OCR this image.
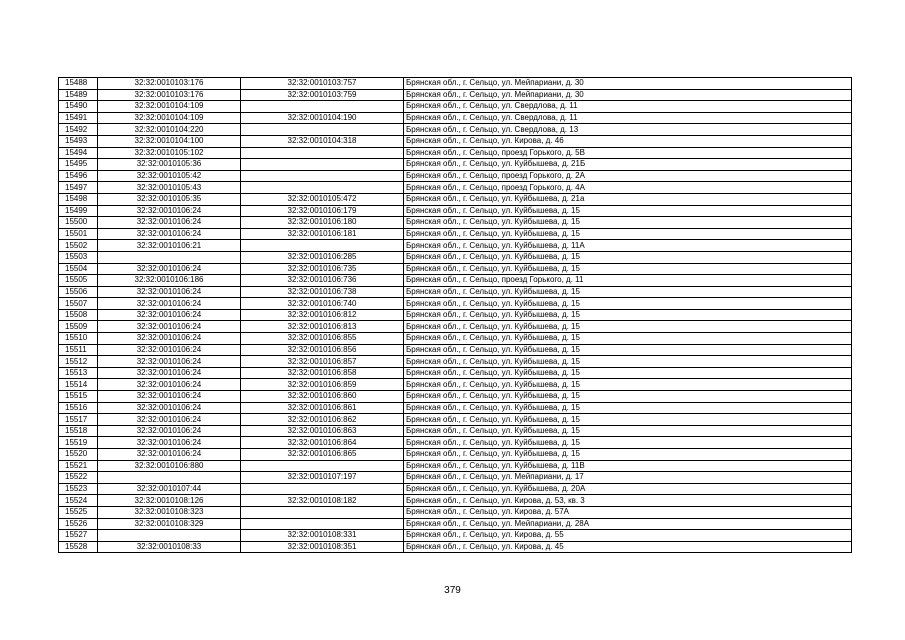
15488	32:32:0010103:176	32:32:0010103:757	Брянская обл., г. Сельцо, ул. Мейпариани, д. 30
15489	32:32:0010103:176	32:32:0010103:759	Брянская обл., г. Сельцо, ул. Мейпариани, д. 30
15490	32:32:0010104:109		Брянская обл., г. Сельцо, ул. Свердлова, д. 11
15491	32:32:0010104:109	32:32:0010104:190	Брянская обл., г. Сельцо, ул. Свердлова, д. 11
15492	32:32:0010104:220		Брянская обл., г. Сельцо, ул. Свердлова, д. 13
15493	32:32:0010104:100	32:32:0010104:318	Брянская обл., г. Сельцо, ул. Кирова, д. 46
15494	32:32:0010105:102		Брянская обл., г. Сельцо, проезд Горького, д. 5В
15495	32:32:0010105:36		Брянская обл., г. Сельцо, ул. Куйбышева, д. 21Б
15496	32:32:0010105:42		Брянская обл., г. Сельцо, проезд Горького, д. 2А
15497	32:32:0010105:43		Брянская обл., г. Сельцо, проезд Горького, д. 4А
15498	32:32:0010105:35	32:32:0010105:472	Брянская обл., г. Сельцо, ул. Куйбышева, д. 21а
15499	32:32:0010106:24	32:32:0010106:179	Брянская обл., г. Сельцо, ул. Куйбышева, д. 15
15500	32:32:0010106:24	32:32:0010106:180	Брянская обл., г. Сельцо, ул. Куйбышева, д. 15
15501	32:32:0010106:24	32:32:0010106:181	Брянская обл., г. Сельцо, ул. Куйбышева, д. 15
15502	32:32:0010106:21		Брянская обл., г. Сельцо, ул. Куйбышева, д. 11А
15503		32:32:0010106:285	Брянская обл., г. Сельцо, ул. Куйбышева, д. 15
15504	32:32:0010106:24	32:32:0010106:735	Брянская обл., г. Сельцо, ул. Куйбышева, д. 15
15505	32:32:0010106:186	32:32:0010106:736	Брянская обл., г. Сельцо, проезд Горького, д. 11
15506	32:32:0010106:24	32:32:0010106:738	Брянская обл., г. Сельцо, ул. Куйбышева, д. 15
15507	32:32:0010106:24	32:32:0010106:740	Брянская обл., г. Сельцо, ул. Куйбышева, д. 15
15508	32:32:0010106:24	32:32:0010106:812	Брянская обл., г. Сельцо, ул. Куйбышева, д. 15
15509	32:32:0010106:24	32:32:0010106:813	Брянская обл., г. Сельцо, ул. Куйбышева, д. 15
15510	32:32:0010106:24	32:32:0010106:855	Брянская обл., г. Сельцо, ул. Куйбышева, д. 15
15511	32:32:0010106:24	32:32:0010106:856	Брянская обл., г. Сельцо, ул. Куйбышева, д. 15
15512	32:32:0010106:24	32:32:0010106:857	Брянская обл., г. Сельцо, ул. Куйбышева, д. 15
15513	32:32:0010106:24	32:32:0010106:858	Брянская обл., г. Сельцо, ул. Куйбышева, д. 15
15514	32:32:0010106:24	32:32:0010106:859	Брянская обл., г. Сельцо, ул. Куйбышева, д. 15
15515	32:32:0010106:24	32:32:0010106:860	Брянская обл., г. Сельцо, ул. Куйбышева, д. 15
15516	32:32:0010106:24	32:32:0010106:861	Брянская обл., г. Сельцо, ул. Куйбышева, д. 15
15517	32:32:0010106:24	32:32:0010106:862	Брянская обл., г. Сельцо, ул. Куйбышева, д. 15
15518	32:32:0010106:24	32:32:0010106:863	Брянская обл., г. Сельцо, ул. Куйбышева, д. 15
15519	32:32:0010106:24	32:32:0010106:864	Брянская обл., г. Сельцо, ул. Куйбышева, д. 15
15520	32:32:0010106:24	32:32:0010106:865	Брянская обл., г. Сельцо, ул. Куйбышева, д. 15
15521	32:32:0010106:880		Брянская обл., г. Сельцо, ул. Куйбышева, д. 11В
15522		32:32:0010107:197	Брянская обл., г. Сельцо, ул. Мейпариани, д. 17
15523	32:32:0010107:44		Брянская обл., г. Сельцо, ул. Куйбышева, д. 20А
15524	32:32:0010108:126	32:32:0010108:182	Брянская обл., г. Сельцо, ул. Кирова, д. 53, кв. 3
15525	32:32:0010108:323		Брянская обл., г. Сельцо, ул. Кирова, д. 57А
15526	32:32:0010108:329		Брянская обл., г. Сельцо, ул. Мейпариани, д. 28А
15527		32:32:0010108:331	Брянская обл., г. Сельцо, ул. Кирова, д. 55
15528	32:32:0010108:33	32:32:0010108:351	Брянская обл., г. Сельцо, ул. Кирова, д. 45
379
